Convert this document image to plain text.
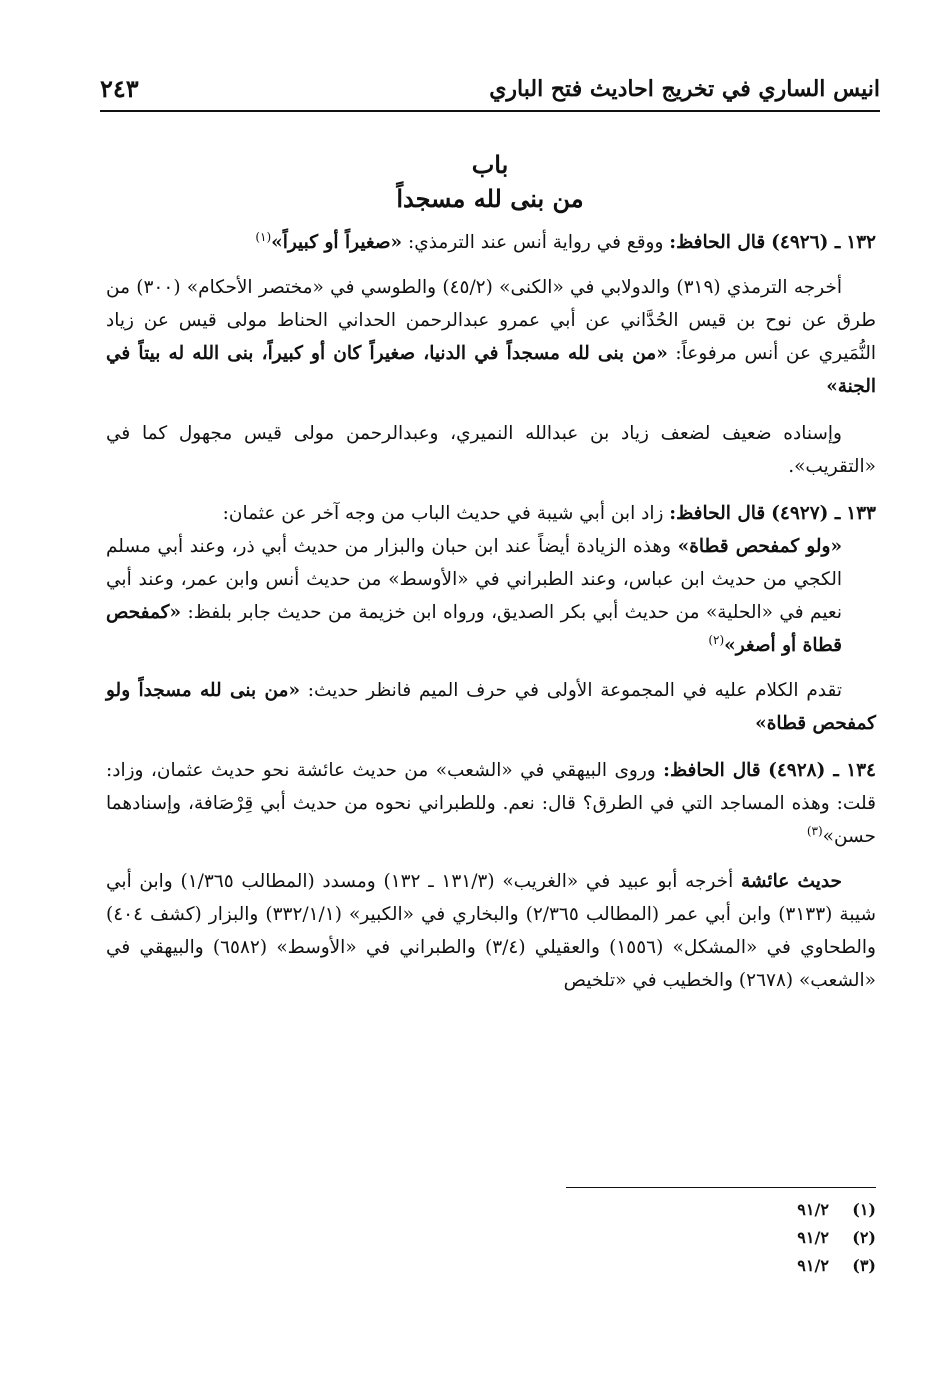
انيس الساري في تخريج احاديث فتح الباري
٢٤٣
باب
من بنى لله مسجداً

١٣٢ ـ (٤٩٢٦) قال الحافظ: ووقع في رواية أنس عند الترمذي: «صغيراً أو كبيراً»$^{(١)}$

أخرجه الترمذي (٣١٩) والدولابي في «الكنى» (٤٥/٢) والطوسي في «مختصر الأحكام» (٣٠٠) من طرق عن نوح بن قيس الحُدَّاني عن أبي عمرو عبدالرحمن الحداني الحناط مولى قيس عن زياد النُّمَيري عن أنس مرفوعاً: «من بنى لله مسجداً في الدنيا، صغيراً كان أو كبيراً، بنى الله له بيتاً في الجنة»

وإسناده ضعيف لضعف زياد بن عبدالله النميري، وعبدالرحمن مولى قيس مجهول كما في «التقريب».

١٣٣ ـ (٤٩٢٧) قال الحافظ: زاد ابن أبي شيبة في حديث الباب من وجه آخر عن عثمان:
«ولو كمفحص قطاة» وهذه الزيادة أيضاً عند ابن حبان والبزار من حديث أبي ذر، وعند أبي مسلم الكجي من حديث ابن عباس، وعند الطبراني في «الأوسط» من حديث أنس وابن عمر، وعند أبي نعيم في «الحلية» من حديث أبي بكر الصديق، ورواه ابن خزيمة من حديث جابر بلفظ: «كمفحص قطاة أو أصغر»$^{(٢)}$

تقدم الكلام عليه في المجموعة الأولى في حرف الميم فانظر حديث: «من بنى لله مسجداً ولو كمفحص قطاة»

١٣٤ ـ (٤٩٢٨) قال الحافظ: وروى البيهقي في «الشعب» من حديث عائشة نحو حديث عثمان، وزاد: قلت: وهذه المساجد التي في الطرق؟ قال: نعم. وللطبراني نحوه من حديث أبي قِرْصَافة، وإسنادهما حسن»$^{(٣)}$

حديث عائشة أخرجه أبو عبيد في «الغريب» (١٣١/٣ ـ ١٣٢) ومسدد (المطالب ١/٣٦٥) وابن أبي شيبة (٣١٣٣) وابن أبي عمر (المطالب ٢/٣٦٥) والبخاري في «الكبير» (٣٣٢/١/١) والبزار (كشف ٤٠٤) والطحاوي في «المشكل» (١٥٥٦) والعقيلي (٣/٤) والطبراني في «الأوسط» (٦٥٨٢) والبيهقي في «الشعب» (٢٦٧٨) والخطيب في «تلخيص

(١) ٩١/٢
(٢) ٩١/٢
(٣) ٩١/٢
